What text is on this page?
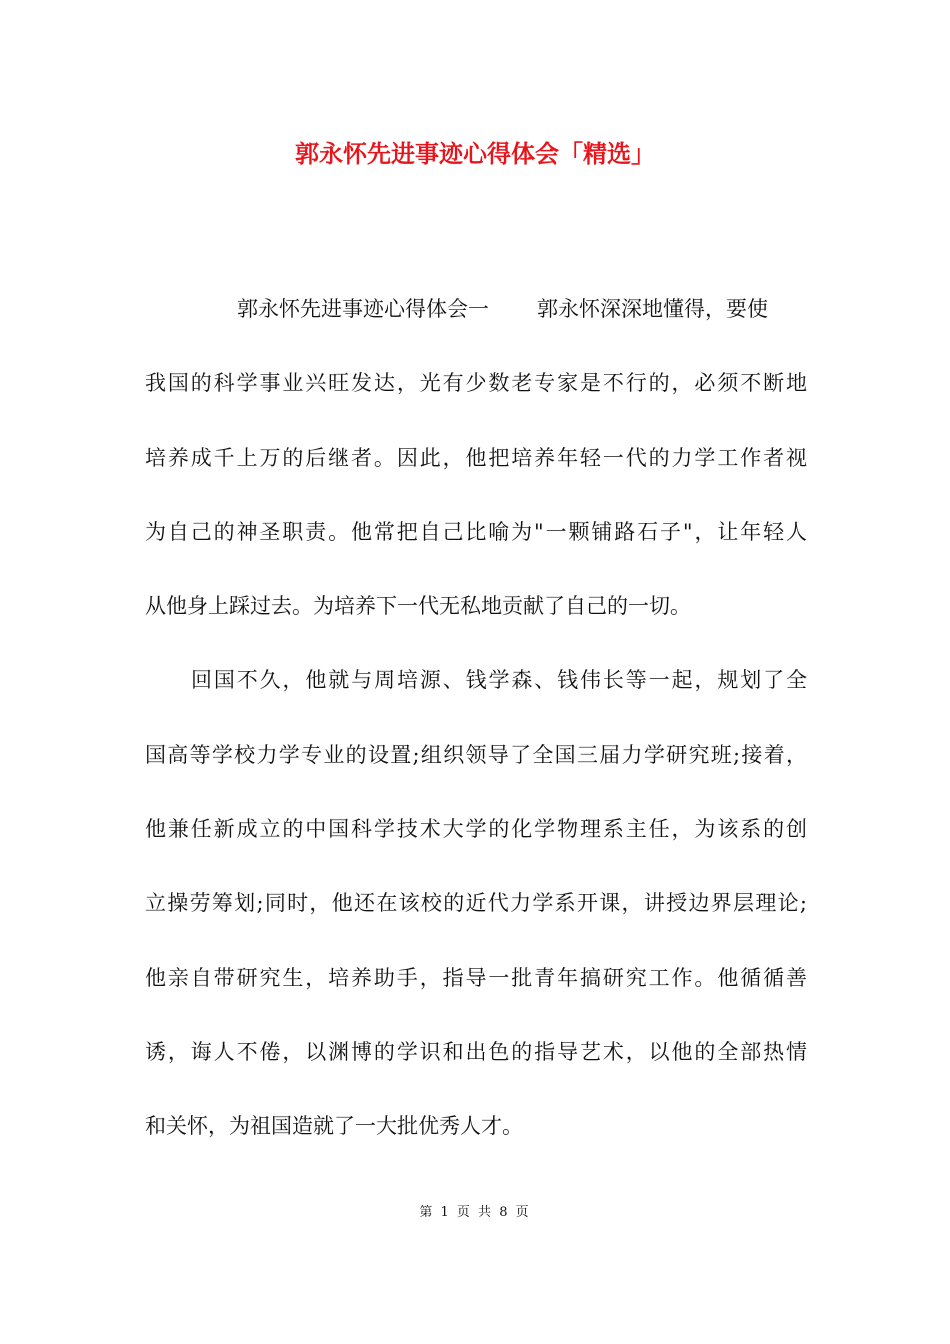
郭永怀先进事迹心得体会「精选」
郭永怀先进事迹心得体会一 郭永怀深深地懂得，要使
我国的科学事业兴旺发达，光有少数老专家是不行的，必须不断地
培养成千上万的后继者。因此，他把培养年轻一代的力学工作者视
为自己的神圣职责。他常把自己比喻为"一颗铺路石子"，让年轻人
从他身上踩过去。为培养下一代无私地贡献了自己的一切。
回国不久，他就与周培源、钱学森、钱伟长等一起，规划了全
国高等学校力学专业的设置;组织领导了全国三届力学研究班;接着，
他兼任新成立的中国科学技术大学的化学物理系主任，为该系的创
立操劳筹划;同时，他还在该校的近代力学系开课，讲授边界层理论;
他亲自带研究生，培养助手，指导一批青年搞研究工作。他循循善
诱，诲人不倦，以渊博的学识和出色的指导艺术，以他的全部热情
和关怀，为祖国造就了一大批优秀人才。
第 1 页 共 8 页
